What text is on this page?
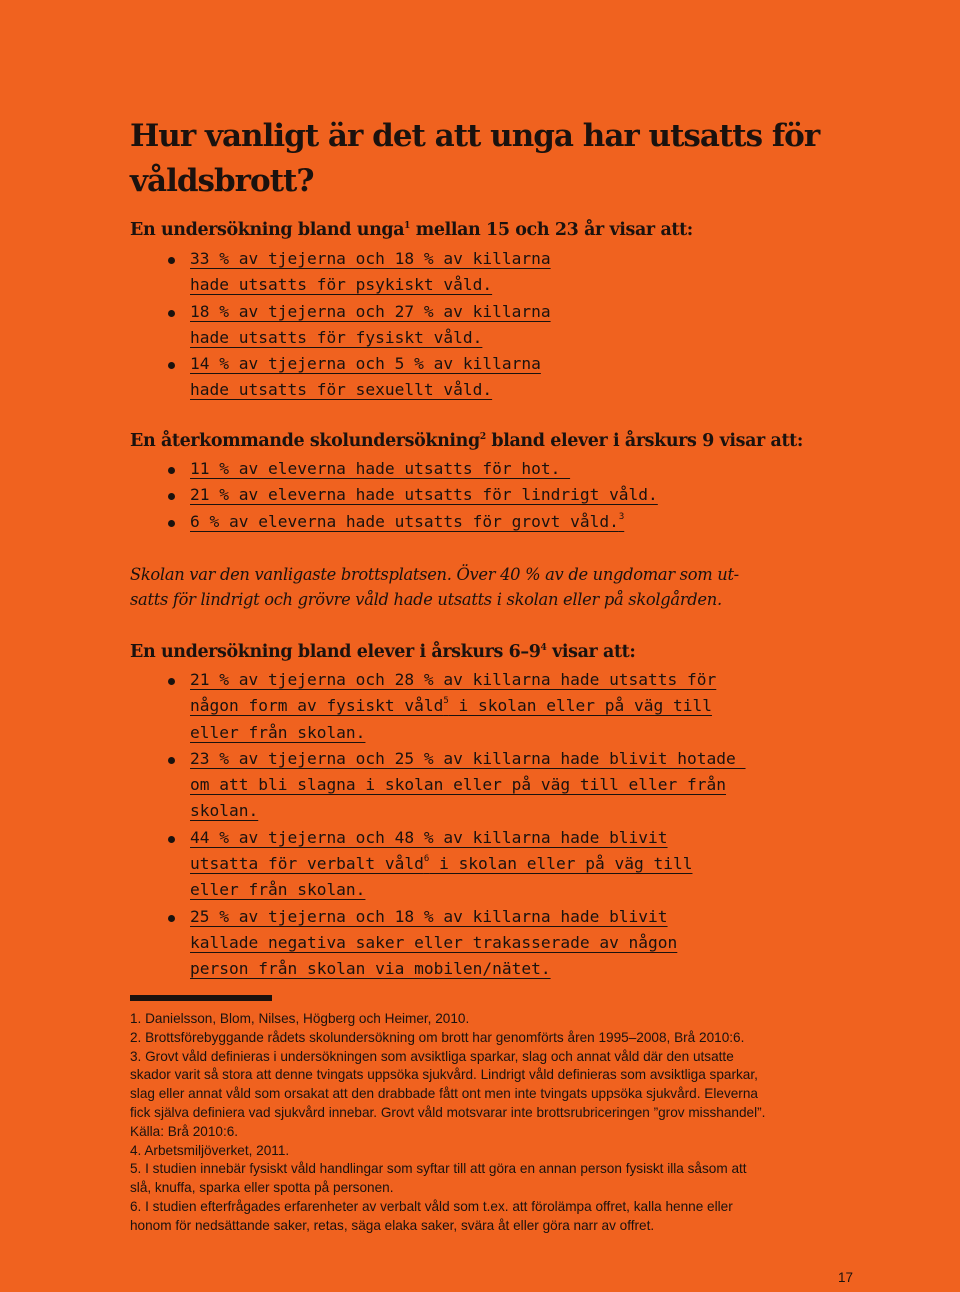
Hur vanligt är det att unga har utsatts för våldsbrott?

En undersökning bland unga$^1$ mellan 15 och 23 år visar att:

33 % av tjejerna och 18 % av killarna
hade utsatts för psykiskt våld.
18 % av tjejerna och 27 % av killarna
hade utsatts för fysiskt våld.
14 % av tjejerna och 5 % av killarna
hade utsatts för sexuellt våld.

En återkommande skolundersökning$^2$ bland elever i årskurs 9 visar att:

11 % av eleverna hade utsatts för hot.
21 % av eleverna hade utsatts för lindrigt våld.
6 % av eleverna hade utsatts för grovt våld.$^3$

Skolan var den vanligaste brottsplatsen. Över 40 % av de ungdomar som ut-
satts för lindrigt och grövre våld hade utsatts i skolan eller på skolgården.

En undersökning bland elever i årskurs $6-9^4$ visar att:

21 % av tjejerna och 28 % av killarna hade utsatts för
någon form av fysiskt våld$^5$ i skolan eller på väg till
eller från skolan.
23 % av tjejerna och 25 % av killarna hade blivit hotade
om att bli slagna i skolan eller på väg till eller från
skolan.
44 % av tjejerna och 48 % av killarna hade blivit
utsatta för verbalt våld$^6$ i skolan eller på väg till
eller från skolan.
25 % av tjejerna och 18 % av killarna hade blivit
kallade negativa saker eller trakasserade av någon
person från skolan via mobilen/nätet.

1. Danielsson, Blom, Nilses, Högberg och Heimer, 2010.

2. Brottsförebyggande rådets skolundersökning om brott har genomförts åren 1995–2008, Brå 2010:6.

3. Grovt våld definieras i undersökningen som avsiktliga sparkar, slag och annat våld där den utsatte

skador varit så stora att denne tvingats uppsöka sjukvård. Lindrigt våld definieras som avsiktliga sparkar,

slag eller annat våld som orsakat att den drabbade fått ont men inte tvingats uppsöka sjukvård. Eleverna

fick själva definiera vad sjukvård innebar. Grovt våld motsvarar inte brottsrubriceringen ”grov misshandel”.

Källa: Brå 2010:6.

4. Arbetsmiljöverket, 2011.

5. I studien innebär fysiskt våld handlingar som syftar till att göra en annan person fysiskt illa såsom att

slå, knuffa, sparka eller spotta på personen.

6. I studien efterfrågades erfarenheter av verbalt våld som t.ex. att förolämpa offret, kalla henne eller

honom för nedsättande saker, retas, säga elaka saker, svära åt eller göra narr av offret.

17
